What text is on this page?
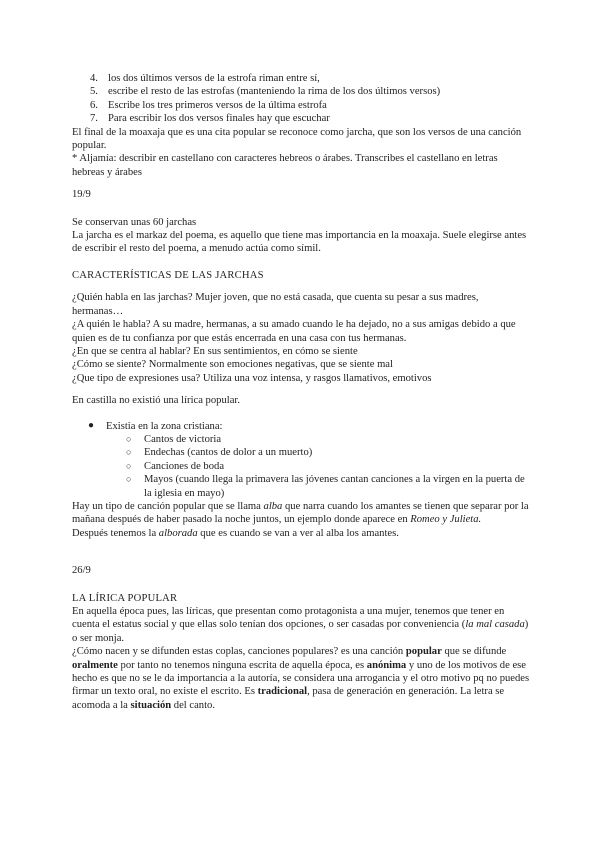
4. los dos últimos versos de la estrofa riman entre sí,
5. escribe el resto de las estrofas (manteniendo la rima de los dos últimos versos)
6. Escribe los tres primeros versos de la última estrofa
7. Para escribir los dos versos finales hay que escuchar

El final de la moaxaja que es una cita popular se reconoce como jarcha, que son los versos de una canción popular.

* Aljamía: describir en castellano con caracteres hebreos o árabes. Transcribes el castellano en letras hebreas y árabes

19/9

Se conservan unas 60 jarchas

La jarcha es el markaz del poema, es aquello que tiene mas importancia en la moaxaja. Suele elegirse antes de escribir el resto del poema, a menudo actúa como símil.

CARACTERÍSTICAS DE LAS JARCHAS

¿Quién habla en las jarchas? Mujer joven, que no está casada, que cuenta su pesar a sus madres, hermanas…

¿A quién le habla? A su madre, hermanas, a su amado cuando le ha dejado, no a sus amigas debido a que quien es de tu confianza por que estás encerrada en una casa con tus hermanas.

¿En que se centra al hablar? En sus sentimientos, en cómo se siente

¿Cómo se siente? Normalmente son emociones negativas, que se siente mal

¿Que tipo de expresiones usa? Utiliza una voz intensa, y rasgos llamativos, emotivos

En castilla no existió una lírica popular.

● Existia en la zona cristiana:
○ Cantos de victoria
○ Endechas (cantos de dolor a un muerto)
○ Canciones de boda
○ Mayos (cuando llega la primavera las jóvenes cantan canciones a la virgen en la puerta de la iglesia en mayo)

Hay un tipo de canción popular que se llama alba que narra cuando los amantes se tienen que separar por la mañana después de haber pasado la noche juntos, un ejemplo donde aparece en Romeo y Julieta.

Después tenemos la alborada que es cuando se van a ver al alba los amantes.

26/9

LA LÍRICA POPULAR

En aquella época pues, las líricas, que presentan como protagonista a una mujer, tenemos que tener en cuenta el estatus social y que ellas solo tenían dos opciones, o ser casadas por conveniencia (la mal casada) o ser monja.

¿Cómo nacen y se difunden estas coplas, canciones populares? es una canción popular que se difunde oralmente por tanto no tenemos ninguna escrita de aquella época, es anónima y uno de los motivos de ese hecho es que no se le da importancia a la autoría, se considera una arrogancia y el otro motivo pq no puedes firmar un texto oral, no existe el escrito. Es tradicional, pasa de generación en generación. La letra se acomoda a la situación del canto.
